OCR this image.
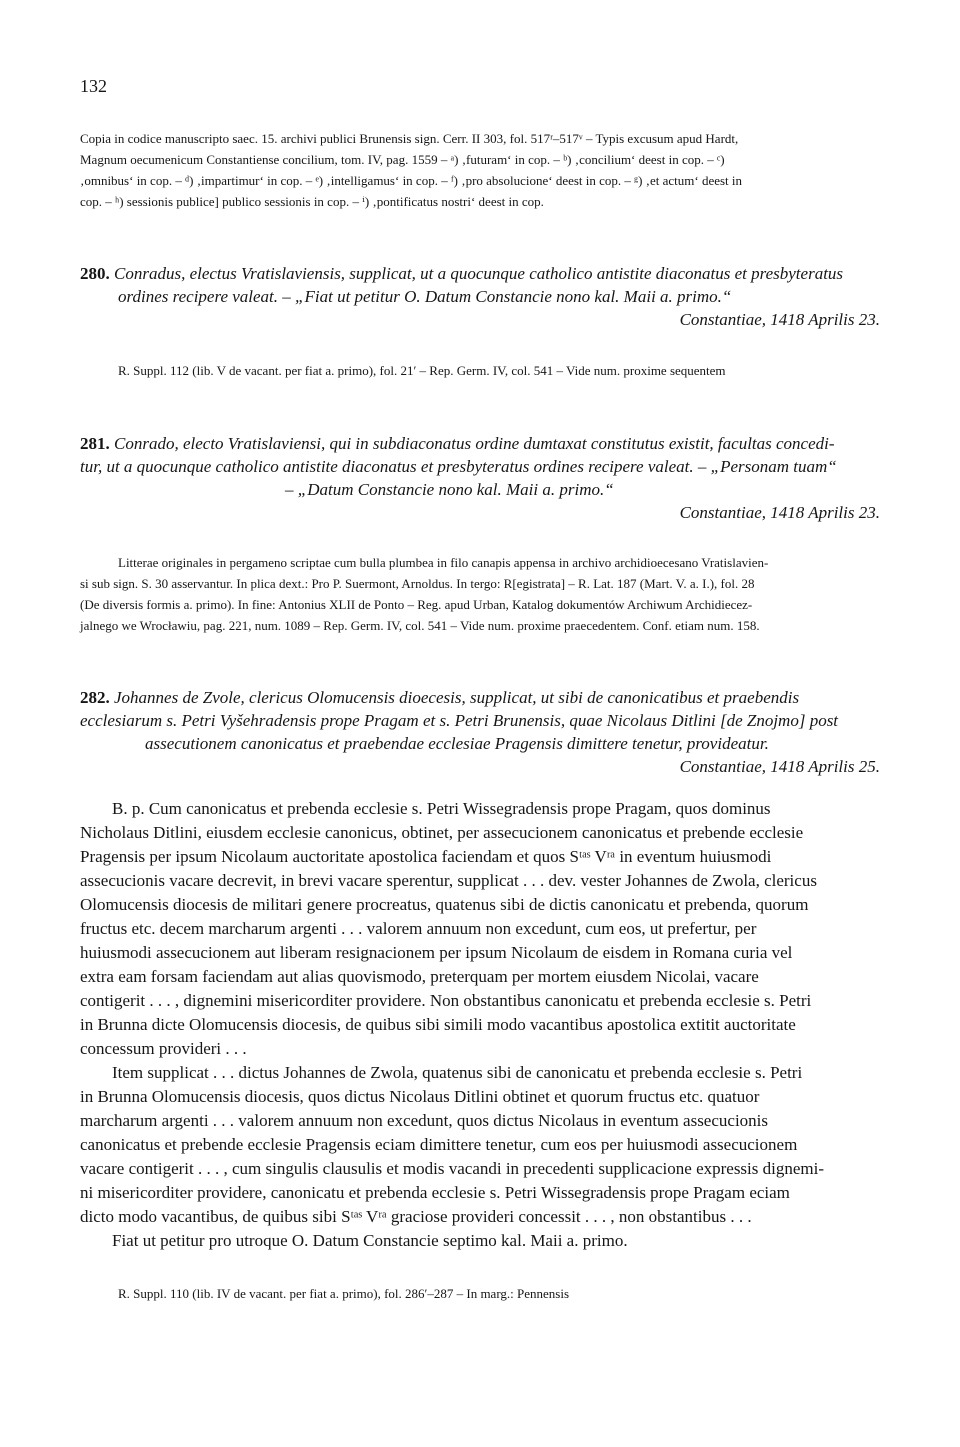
132
Copia in codice manuscripto saec. 15. archivi publici Brunensis sign. Cerr. II 303, fol. 517ʳ–517ᵛ – Typis excusum apud Hardt,
Magnum oecumenicum Constantiense concilium, tom. IV, pag. 1559 – ᵃ) ‚futuram‘ in cop. – ᵇ) ‚concilium‘ deest in cop. – ᶜ)
‚omnibus‘ in cop. – ᵈ) ‚impartimur‘ in cop. – ᵉ) ‚intelligamus‘ in cop. – ᶠ) ‚pro absolucione‘ deest in cop. – ᵍ) ‚et actum‘ deest in
cop. – ʰ) sessionis publice] publico sessionis in cop. – ⁱ) ‚pontificatus nostri‘ deest in cop.
280. Conradus, electus Vratislaviensis, supplicat, ut a quocunque catholico antistite diaconatus et presbyteratus
ordines recipere valeat. – „Fiat ut petitur O. Datum Constancie nono kal. Maii a. primo.“
Constantiae, 1418 Aprilis 23.
R. Suppl. 112 (lib. V de vacant. per fiat a. primo), fol. 21′ – Rep. Germ. IV, col. 541 – Vide num. proxime sequentem
281. Conrado, electo Vratislaviensi, qui in subdiaconatus ordine dumtaxat constitutus existit, facultas concedi-
tur, ut a quocunque catholico antistite diaconatus et presbyteratus ordines recipere valeat. – „Personam tuam“
– „Datum Constancie nono kal. Maii a. primo.“
Constantiae, 1418 Aprilis 23.
Litterae originales in pergameno scriptae cum bulla plumbea in filo canapis appensa in archivo archidioecesano Vratislavien-
si sub sign. S. 30 asservantur. In plica dext.: Pro P. Suermont, Arnoldus. In tergo: R[egistrata] – R. Lat. 187 (Mart. V. a. I.), fol. 28
(De diversis formis a. primo). In fine: Antonius XLII de Ponto – Reg. apud Urban, Katalog dokumentów Archiwum Archidiecez-
jalnego we Wrocławiu, pag. 221, num. 1089 – Rep. Germ. IV, col. 541 – Vide num. proxime praecedentem. Conf. etiam num. 158.
282. Johannes de Zvole, clericus Olomucensis dioecesis, supplicat, ut sibi de canonicatibus et praebendis
ecclesiarum s. Petri Vyšehradensis prope Pragam et s. Petri Brunensis, quae Nicolaus Ditlini [de Znojmo] post
assecutionem canonicatus et praebendae ecclesiae Pragensis dimittere tenetur, provideatur.
Constantiae, 1418 Aprilis 25.
B. p. Cum canonicatus et prebenda ecclesie s. Petri Wissegradensis prope Pragam, quos dominus
Nicholaus Ditlini, eiusdem ecclesie canonicus, obtinet, per assecucionem canonicatus et prebende ecclesie
Pragensis per ipsum Nicolaum auctoritate apostolica faciendam et quos Sᵗᵃˢ Vʳᵃ in eventum huiusmodi
assecucionis vacare decrevit, in brevi vacare sperentur, supplicat . . . dev. vester Johannes de Zwola, clericus
Olomucensis diocesis de militari genere procreatus, quatenus sibi de dictis canonicatu et prebenda, quorum
fructus etc. decem marcharum argenti . . . valorem annuum non excedunt, cum eos, ut prefertur, per
huiusmodi assecucionem aut liberam resignacionem per ipsum Nicolaum de eisdem in Romana curia vel
extra eam forsam faciendam aut alias quovismodo, preterquam per mortem eiusdem Nicolai, vacare
contigerit . . . , dignemini misericorditer providere. Non obstantibus canonicatu et prebenda ecclesie s. Petri
in Brunna dicte Olomucensis diocesis, de quibus sibi simili modo vacantibus apostolica extitit auctoritate
concessum provideri . . .
Item supplicat . . . dictus Johannes de Zwola, quatenus sibi de canonicatu et prebenda ecclesie s. Petri
in Brunna Olomucensis diocesis, quos dictus Nicolaus Ditlini obtinet et quorum fructus etc. quatuor
marcharum argenti . . . valorem annuum non excedunt, quos dictus Nicolaus in eventum assecucionis
canonicatus et prebende ecclesie Pragensis eciam dimittere tenetur, cum eos per huiusmodi assecucionem
vacare contigerit . . . , cum singulis clausulis et modis vacandi in precedenti supplicacione expressis dignemi-
ni misericorditer providere, canonicatu et prebenda ecclesie s. Petri Wissegradensis prope Pragam eciam
dicto modo vacantibus, de quibus sibi Sᵗᵃˢ Vʳᵃ graciose provideri concessit . . . , non obstantibus . . .
Fiat ut petitur pro utroque O. Datum Constancie septimo kal. Maii a. primo.
R. Suppl. 110 (lib. IV de vacant. per fiat a. primo), fol. 286′–287 – In marg.: Pennensis
